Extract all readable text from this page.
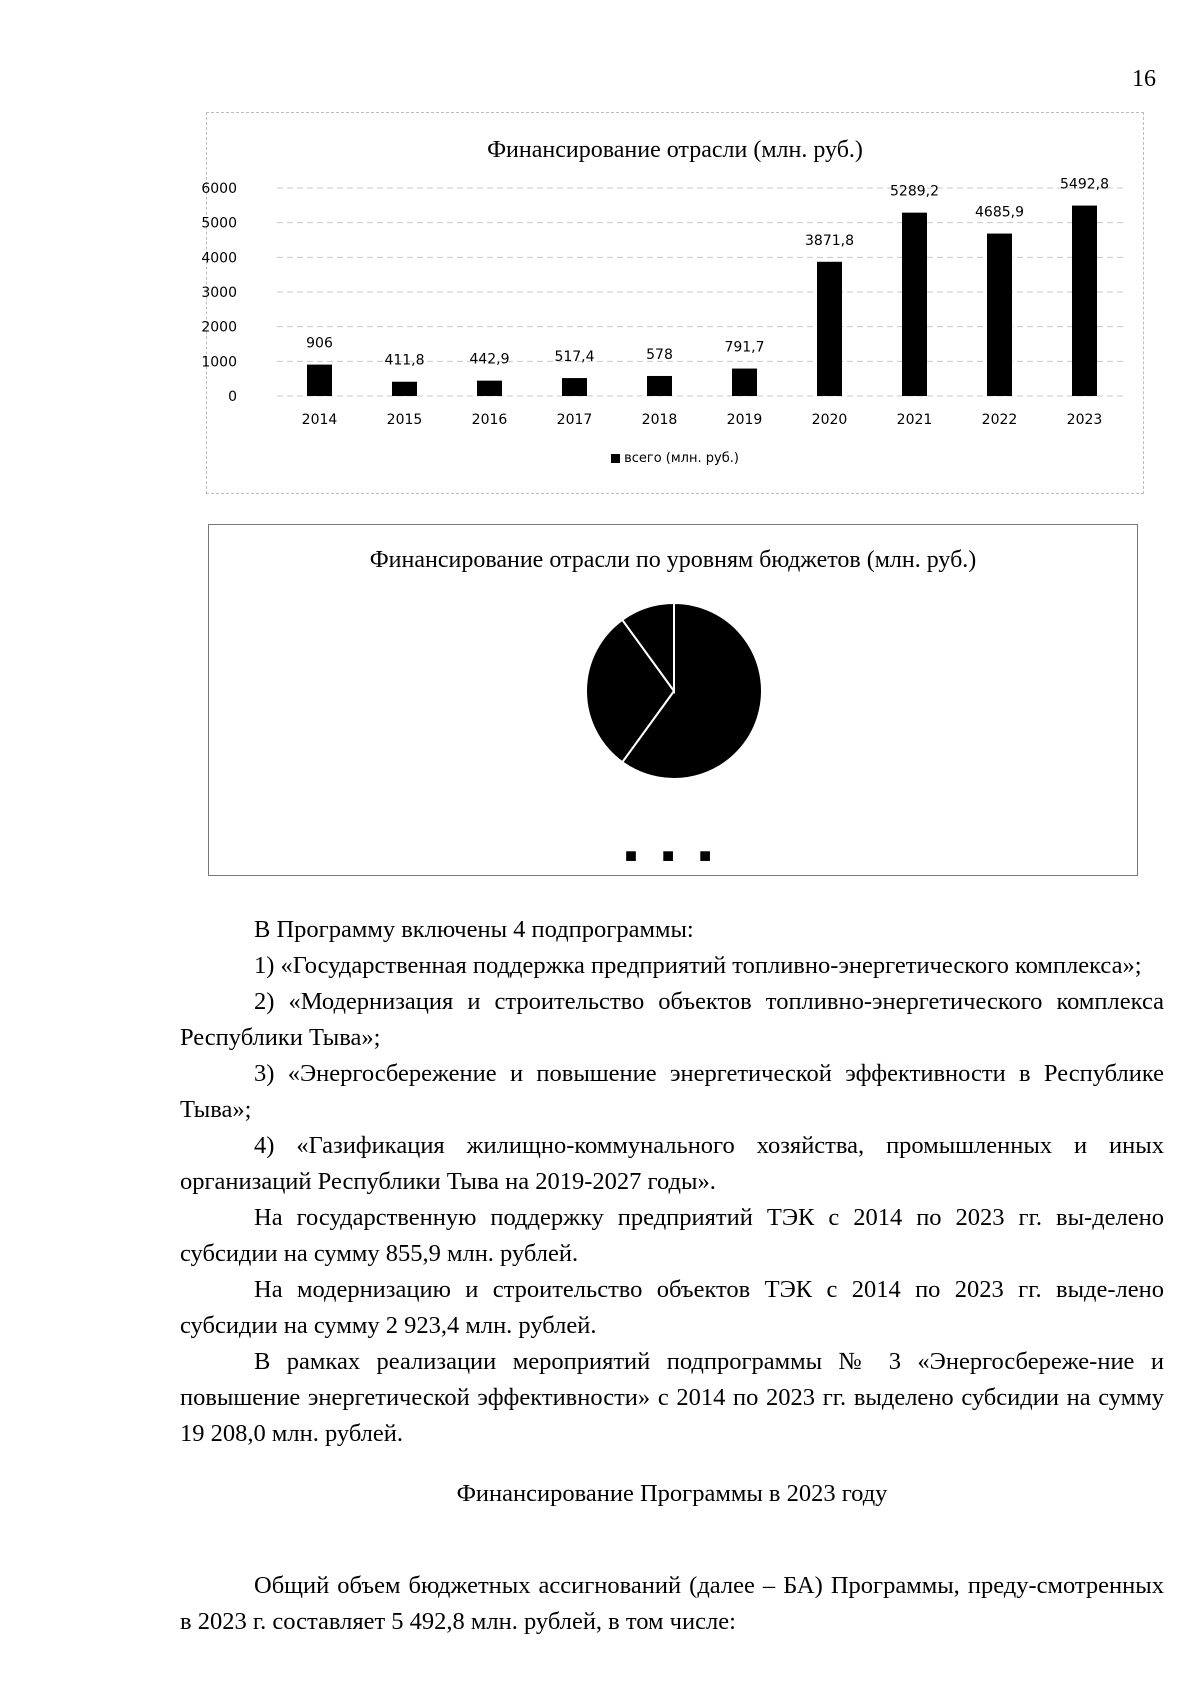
16
Финансирование отрасли (млн. руб.)
0
1000
2000
3000
4000
5000
6000
906
2014
411,8
2015
442,9
2016
517,4
2017
578
2018
791,7
2019
3871,8
2020
5289,2
2021
4685,9
2022
5492,8
2023
всего (млн. руб.)
Финансирование отрасли по уровням бюджетов (млн. руб.)
■ ■ ■

В Программу включены 4 подпрограммы:

1) «Государственная поддержка предприятий топливно-энергетического комплекса»;

2) «Модернизация и строительство объектов топливно-энергетического комплекса Республики Тыва»;

3) «Энергосбережение и повышение энергетической эффективности в Республике Тыва»;

4) «Газификация жилищно-коммунального хозяйства, промышленных и иных организаций Республики Тыва на 2019-2027 годы».

На государственную поддержку предприятий ТЭК с 2014 по 2023 гг. вы-делено субсидии на сумму 855,9 млн. рублей.

На модернизацию и строительство объектов ТЭК с 2014 по 2023 гг. выде-лено субсидии на сумму 2 923,4 млн. рублей.

В рамках реализации мероприятий подпрограммы № 3 «Энергосбереже-ние и повышение энергетической эффективности» с 2014 по 2023 гг. выделено субсидии на сумму 19 208,0 млн. рублей.

Финансирование Программы в 2023 году

Общий объем бюджетных ассигнований (далее – БА) Программы, преду-смотренных в 2023 г. составляет 5 492,8 млн. рублей, в том числе:
